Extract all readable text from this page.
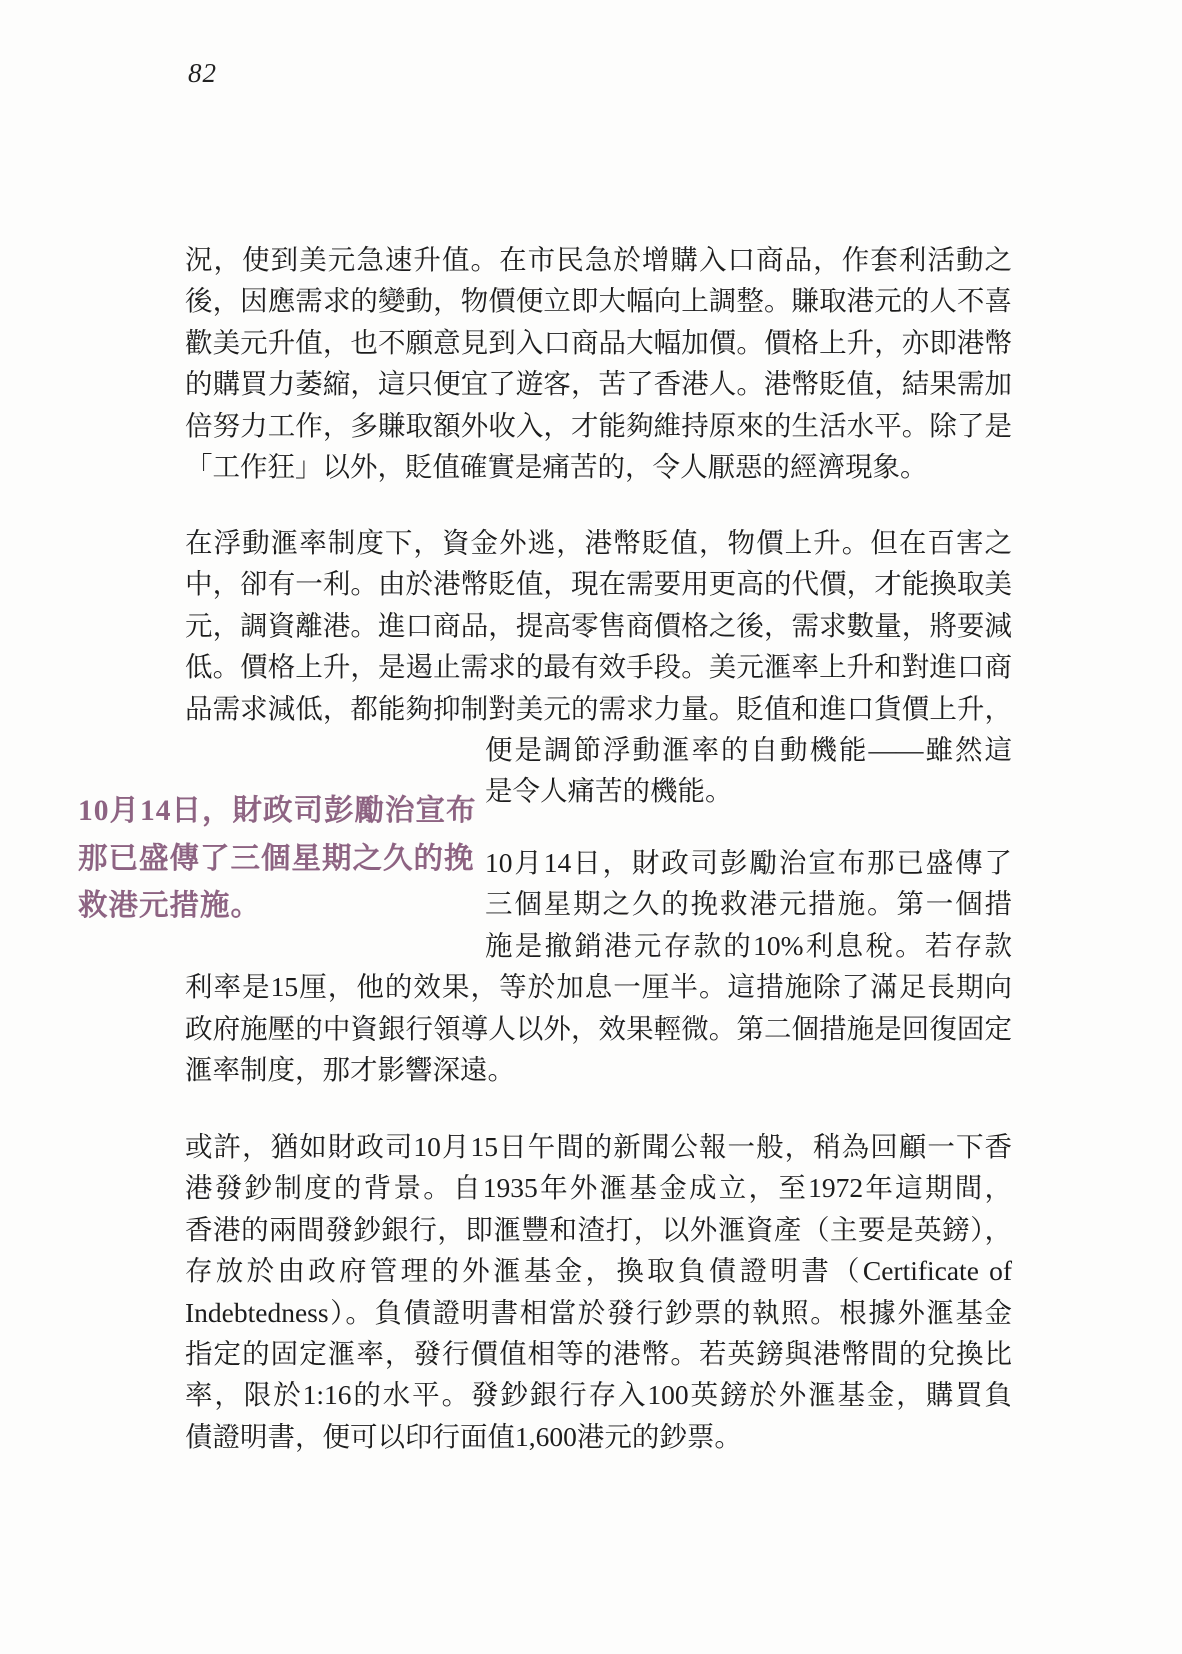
82
10月14日，財政司彭勵治宣布
那已盛傳了三個星期之久的挽
救港元措施。
況，使到美元急速升值。在市民急於增購入口商品，作套利活動之
後，因應需求的變動，物價便立即大幅向上調整。賺取港元的人不喜
歡美元升值，也不願意見到入口商品大幅加價。價格上升，亦即港幣
的購買力萎縮，這只便宜了遊客，苦了香港人。港幣貶值，結果需加
倍努力工作，多賺取額外收入，才能夠維持原來的生活水平。除了是
「工作狂」以外，貶值確實是痛苦的，令人厭惡的經濟現象。
在浮動滙率制度下，資金外逃，港幣貶值，物價上升。但在百害之
中，卻有一利。由於港幣貶值，現在需要用更高的代價，才能換取美
元，調資離港。進口商品，提高零售商價格之後，需求數量，將要減
低。價格上升，是遏止需求的最有效手段。美元滙率上升和對進口商
品需求減低，都能夠抑制對美元的需求力量。貶值和進口貨價上升，
便是調節浮動滙率的自動機能——雖然這
是令人痛苦的機能。
10月14日，財政司彭勵治宣布那已盛傳了
三個星期之久的挽救港元措施。第一個措
施是撤銷港元存款的10%利息稅。若存款
利率是15厘，他的效果，等於加息一厘半。這措施除了滿足長期向
政府施壓的中資銀行領導人以外，效果輕微。第二個措施是回復固定
滙率制度，那才影響深遠。
或許，猶如財政司10月15日午間的新聞公報一般，稍為回顧一下香
港發鈔制度的背景。自1935年外滙基金成立，至1972年這期間，
香港的兩間發鈔銀行，即滙豐和渣打，以外滙資產（主要是英鎊），
存放於由政府管理的外滙基金，換取負債證明書（Certificate of
Indebtedness）。負債證明書相當於發行鈔票的執照。根據外滙基金
指定的固定滙率，發行價值相等的港幣。若英鎊與港幣間的兌換比
率，限於1:16的水平。發鈔銀行存入100英鎊於外滙基金，購買負
債證明書，便可以印行面值1,600港元的鈔票。
